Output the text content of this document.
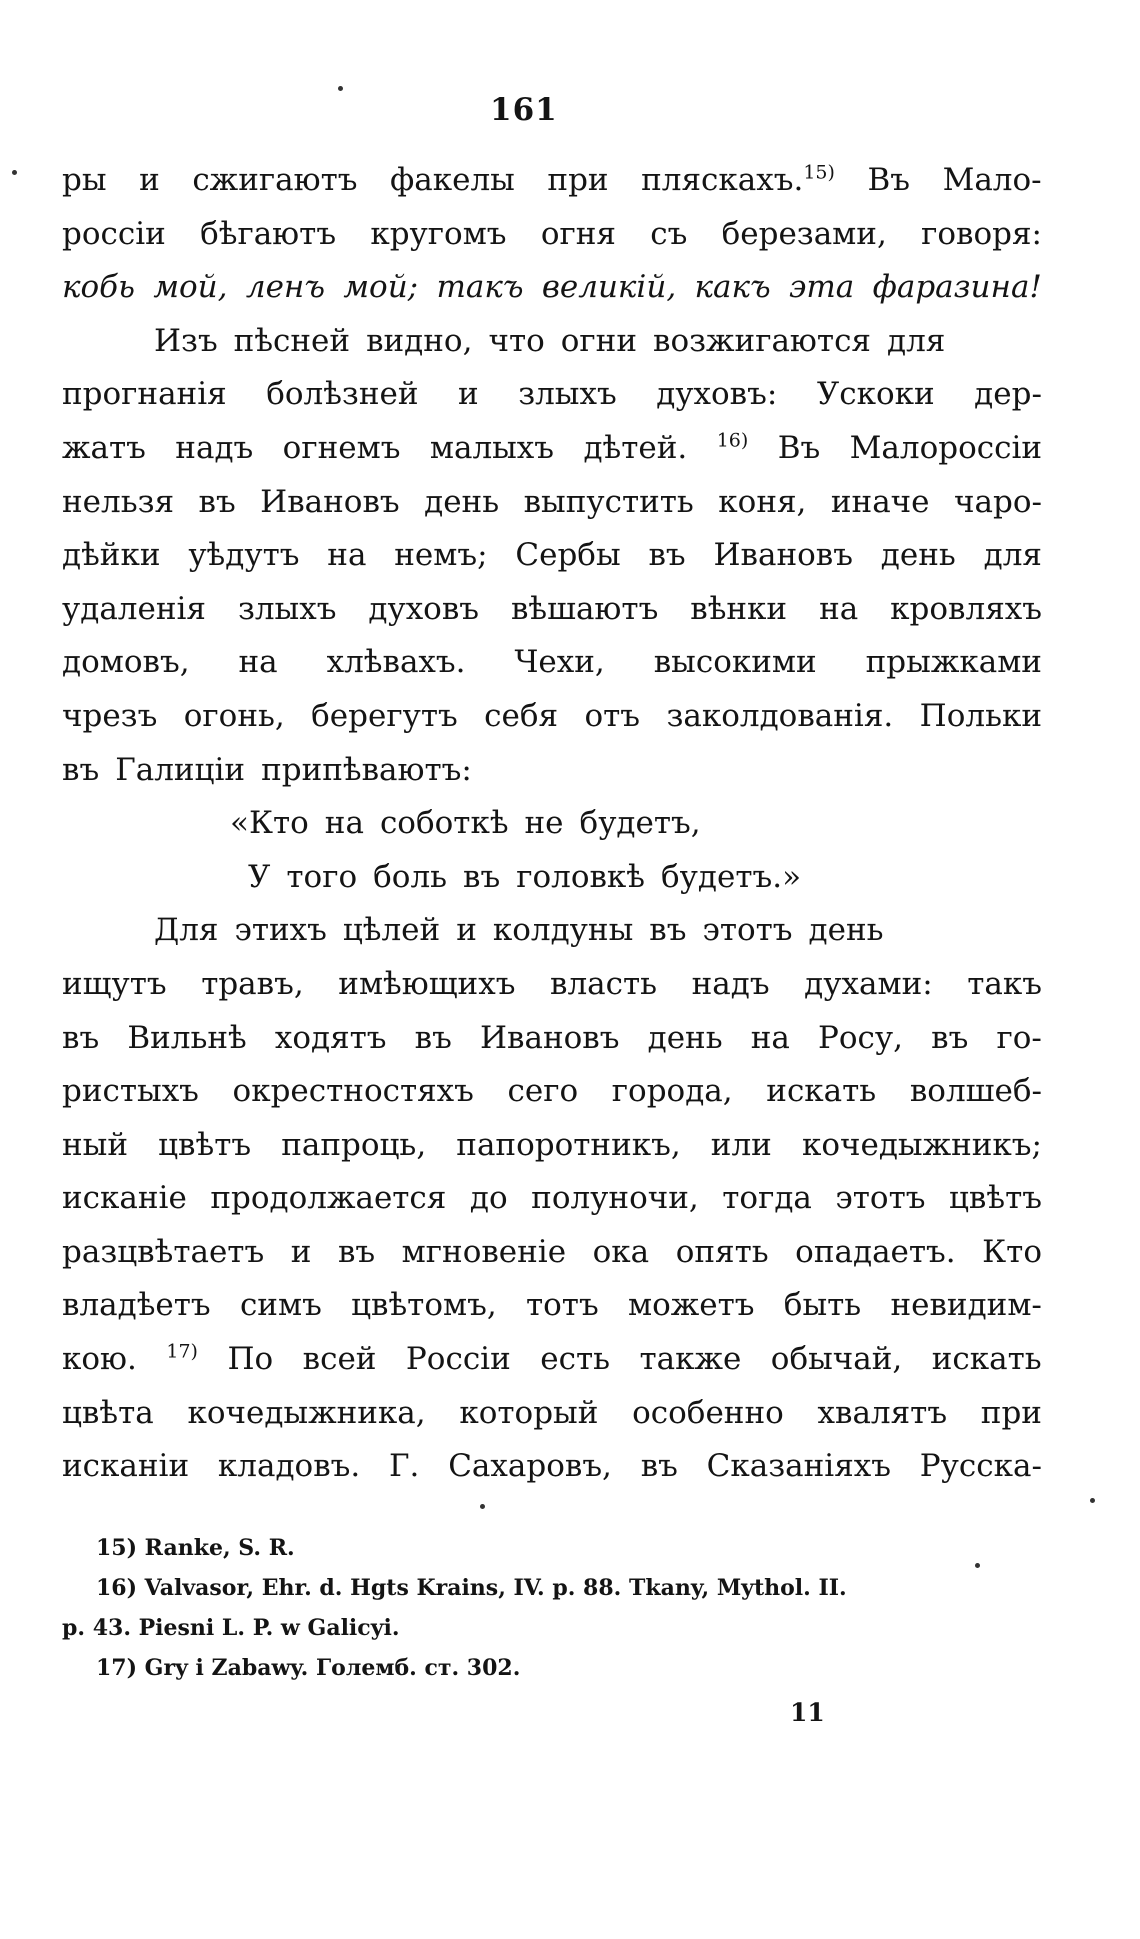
161
ры и сжигаютъ факелы при пляскахъ.$^{15)}$ Въ Мало-
россіи бѣгаютъ кругомъ огня съ березами, говоря:
кобь мой, ленъ мой; такъ великій, какъ эта фаразина!
Изъ пѣсней видно, что огни возжигаются для
прогнанія болѣзней и злыхъ духовъ: Ускоки дер-
жатъ надъ огнемъ малыхъ дѣтей. $^{16)}$ Въ Малороссіи
нельзя въ Ивановъ день выпустить коня, иначе чаро-
дѣйки уѣдутъ на немъ; Сербы въ Ивановъ день для
удаленія злыхъ духовъ вѣшаютъ вѣнки на кровляхъ
домовъ, на хлѣвахъ. Чехи, высокими прыжками
чрезъ огонь, берегутъ себя отъ заколдованія. Польки
въ Галиціи припѣваютъ:
«Кто на соботкѣ не будетъ,
У того боль въ головкѣ будетъ.»
Для этихъ цѣлей и колдуны въ этотъ день
ищутъ травъ, имѣющихъ власть надъ духами: такъ
въ Вильнѣ ходятъ въ Ивановъ день на Росу, въ го-
ристыхъ окрестностяхъ сего города, искать волшеб-
ный цвѣтъ папроць, папоротникъ, или кочедыжникъ;
исканіе продолжается до полуночи, тогда этотъ цвѣтъ
разцвѣтаетъ и въ мгновеніе ока опять опадаетъ. Кто
владѣетъ симъ цвѣтомъ, тотъ можетъ быть невидим-
кою. $^{17)}$ По всей Россіи есть также обычай, искать
цвѣта кочедыжника, который особенно хвалятъ при
исканіи кладовъ. Г. Сахаровъ, въ Сказаніяхъ Русска-
15) Ranke, S. R.
16) Valvasor, Ehr. d. Hgts Krains, IV. p. 88. Tkany, Mythol. II.
p. 43. Piesni L. P. w Galicyi.
17) Gry i Zabawy. Големб. ст. 302.
11
